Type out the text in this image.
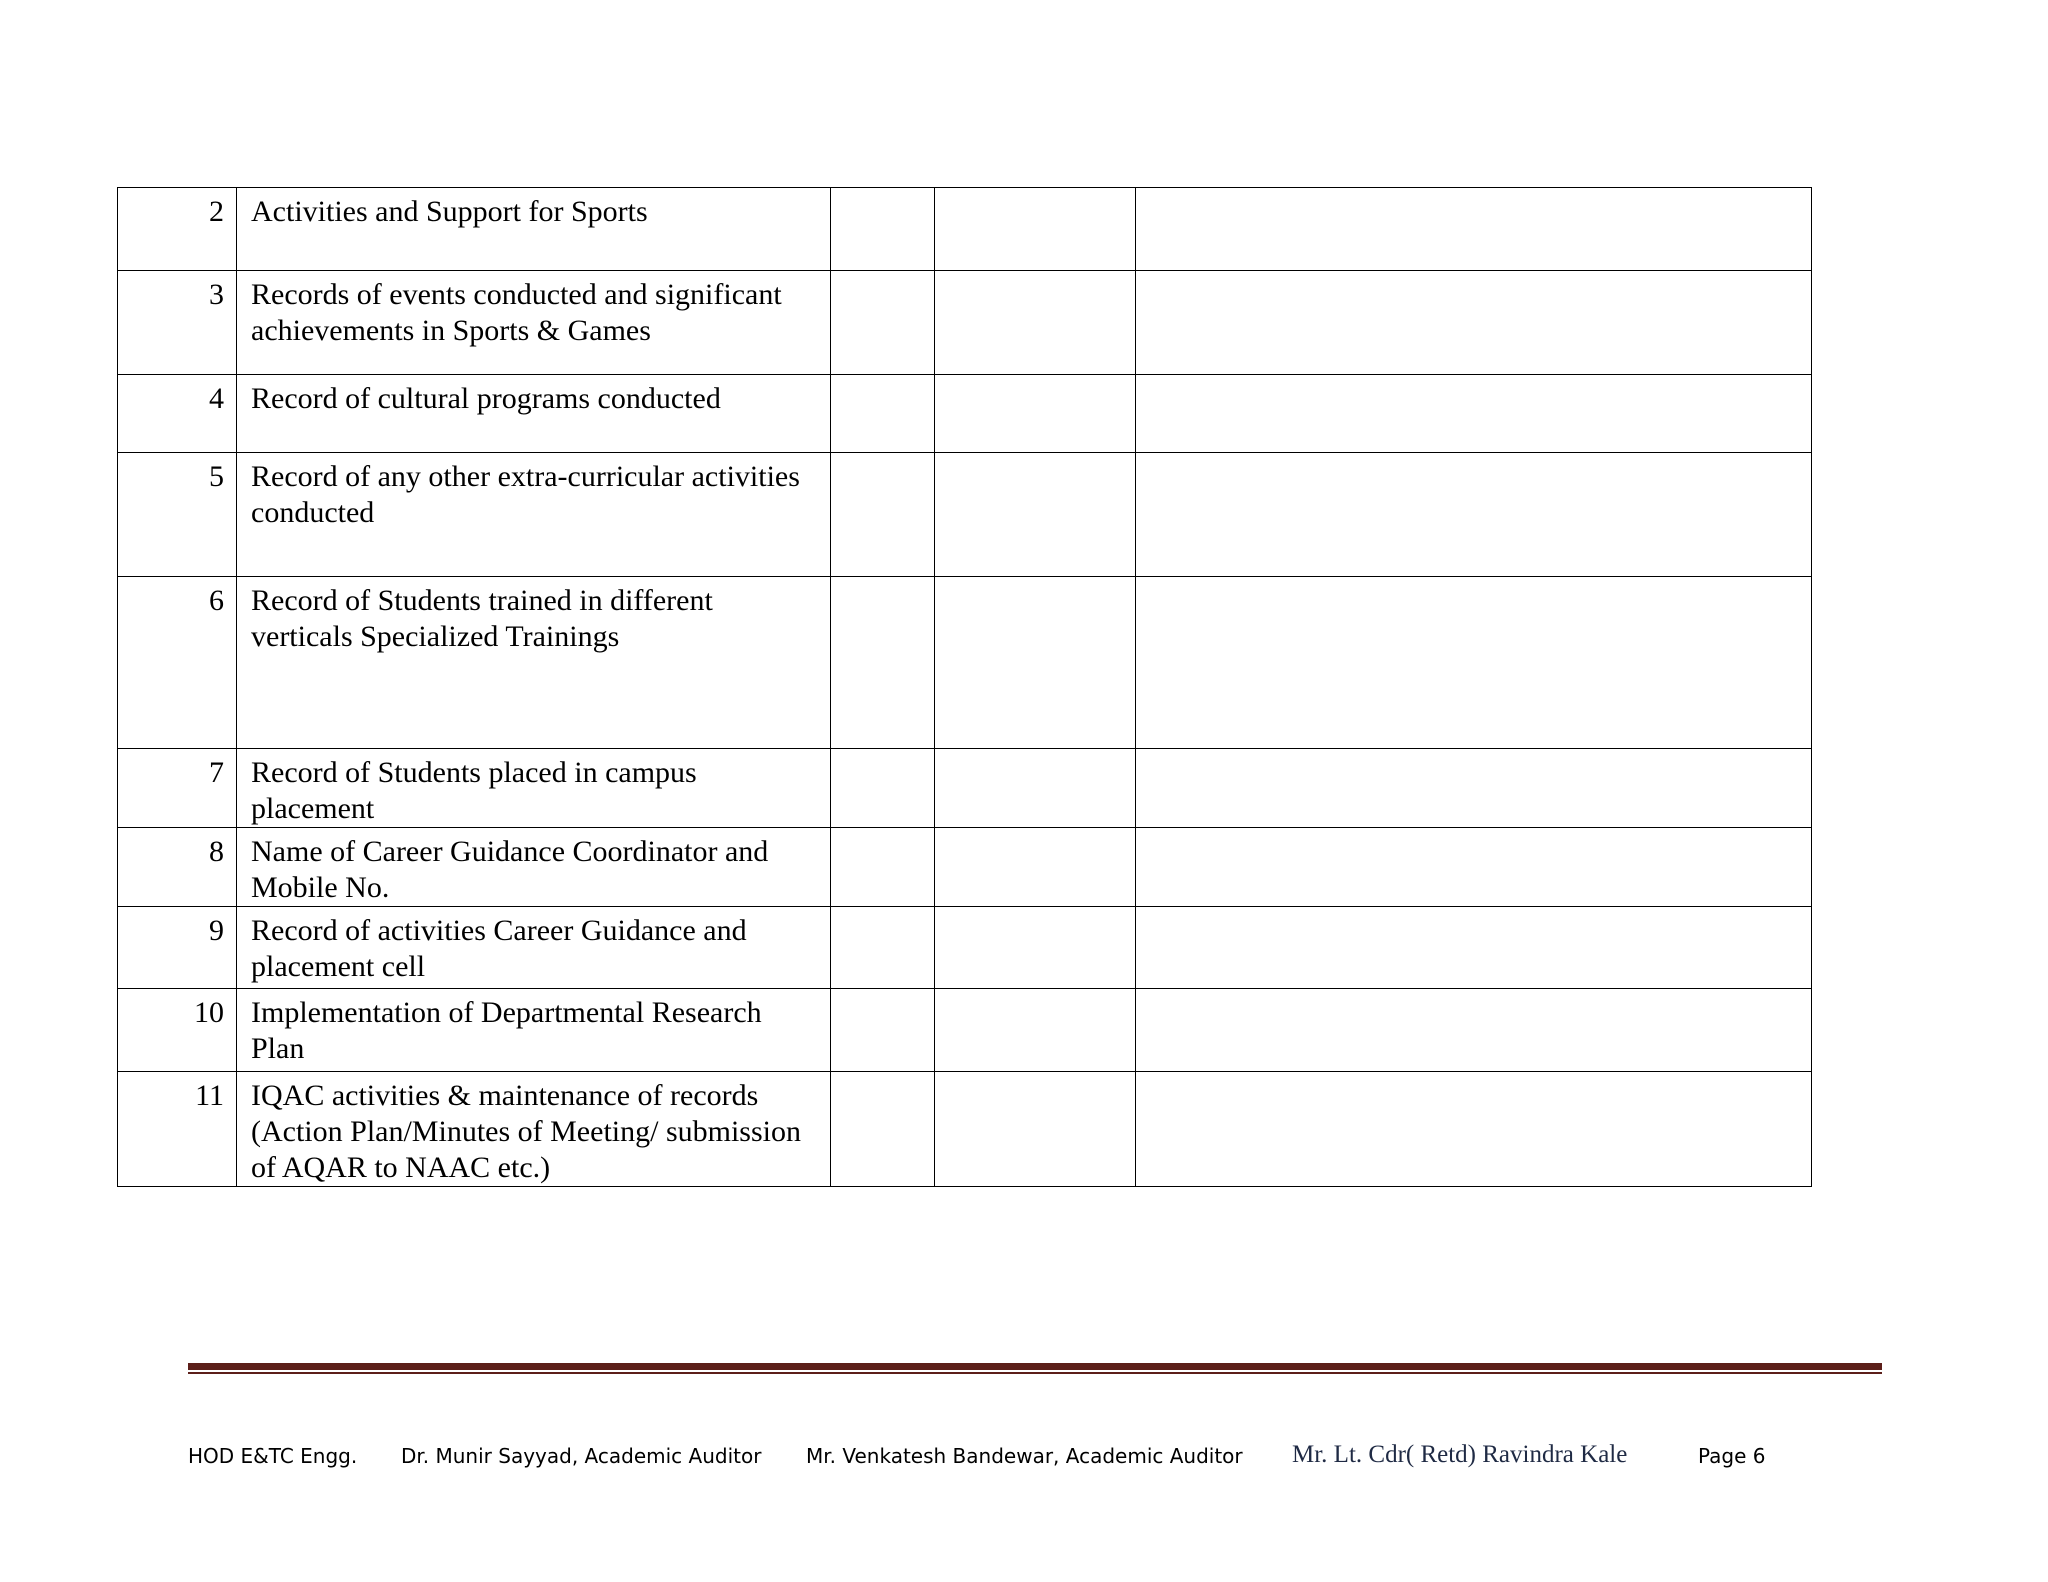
2	Activities and Support for Sports			
3	Records of events conducted and significant achievements in Sports & Games			
4	Record of cultural programs conducted			
5	Record of any other extra-curricular activities conducted			
6	Record of Students trained in different verticals Specialized Trainings			
7	Record of Students placed in campus placement			
8	Name of Career Guidance Coordinator and Mobile No.			
9	Record of activities Career Guidance and placement cell			
10	Implementation of Departmental Research Plan			
11	IQAC activities & maintenance of records (Action Plan/Minutes of Meeting/ submission of AQAR to NAAC etc.)			
HOD E&TC Engg. Dr. Munir Sayyad, Academic Auditor Mr. Venkatesh Bandewar, Academic Auditor Mr. Lt. Cdr( Retd) Ravindra Kale	Page 6
